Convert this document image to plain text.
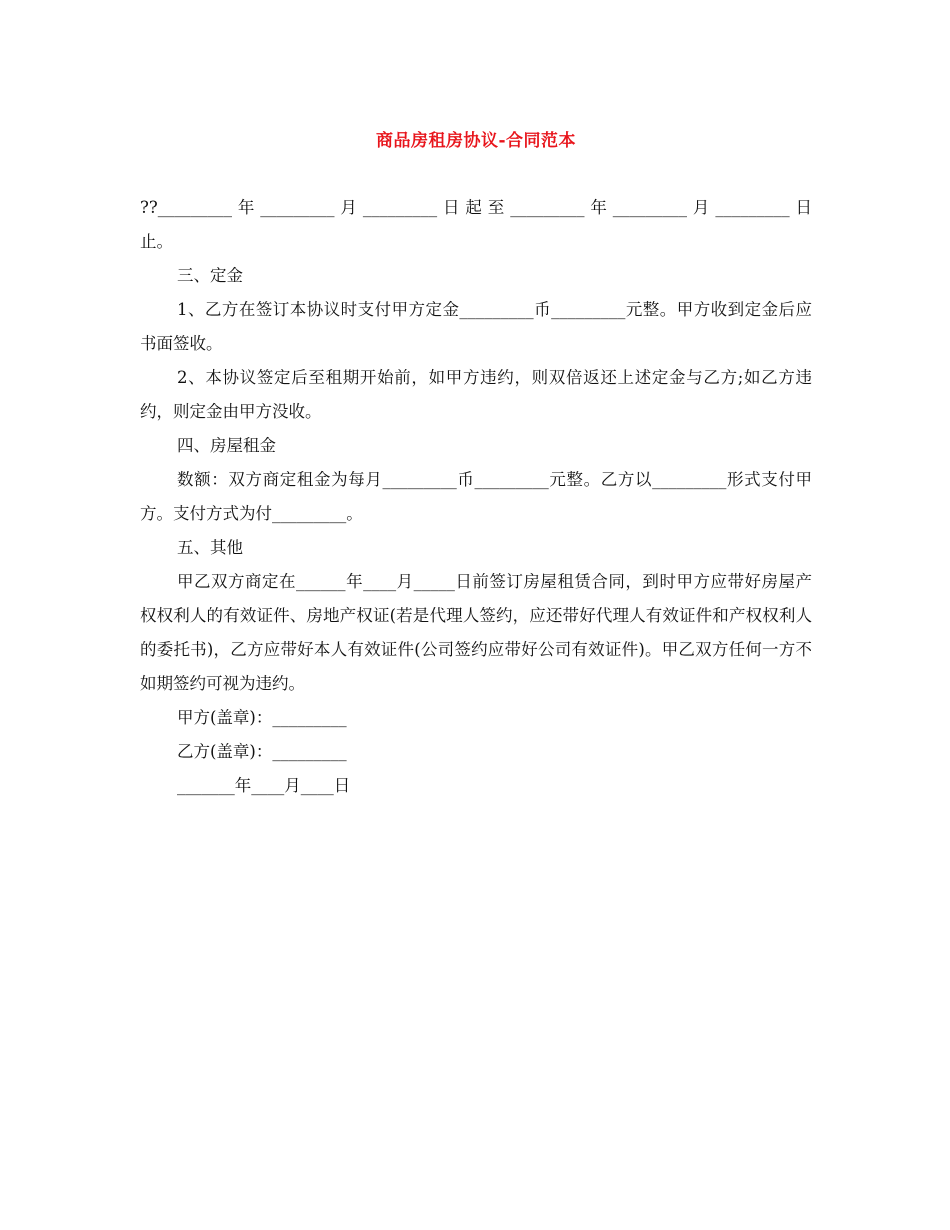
商品房租房协议-合同范本

??_________年_________月_________日起至_________年_________月_________日

止。

三、定金

1、乙方在签订本协议时支付甲方定金_________币_________元整。甲方收到定金后应书面签收。

2、本协议签定后至租期开始前，如甲方违约，则双倍返还上述定金与乙方;如乙方违约，则定金由甲方没收。

四、房屋租金

数额：双方商定租金为每月_________币_________元整。乙方以_________形式支付甲方。支付方式为付_________。

五、其他

甲乙双方商定在______年____月_____日前签订房屋租赁合同，到时甲方应带好房屋产权权利人的有效证件、房地产权证(若是代理人签约，应还带好代理人有效证件和产权权利人的委托书)，乙方应带好本人有效证件(公司签约应带好公司有效证件)。甲乙双方任何一方不如期签约可视为违约。

甲方(盖章)：_________

乙方(盖章)：_________

_______年____月____日
